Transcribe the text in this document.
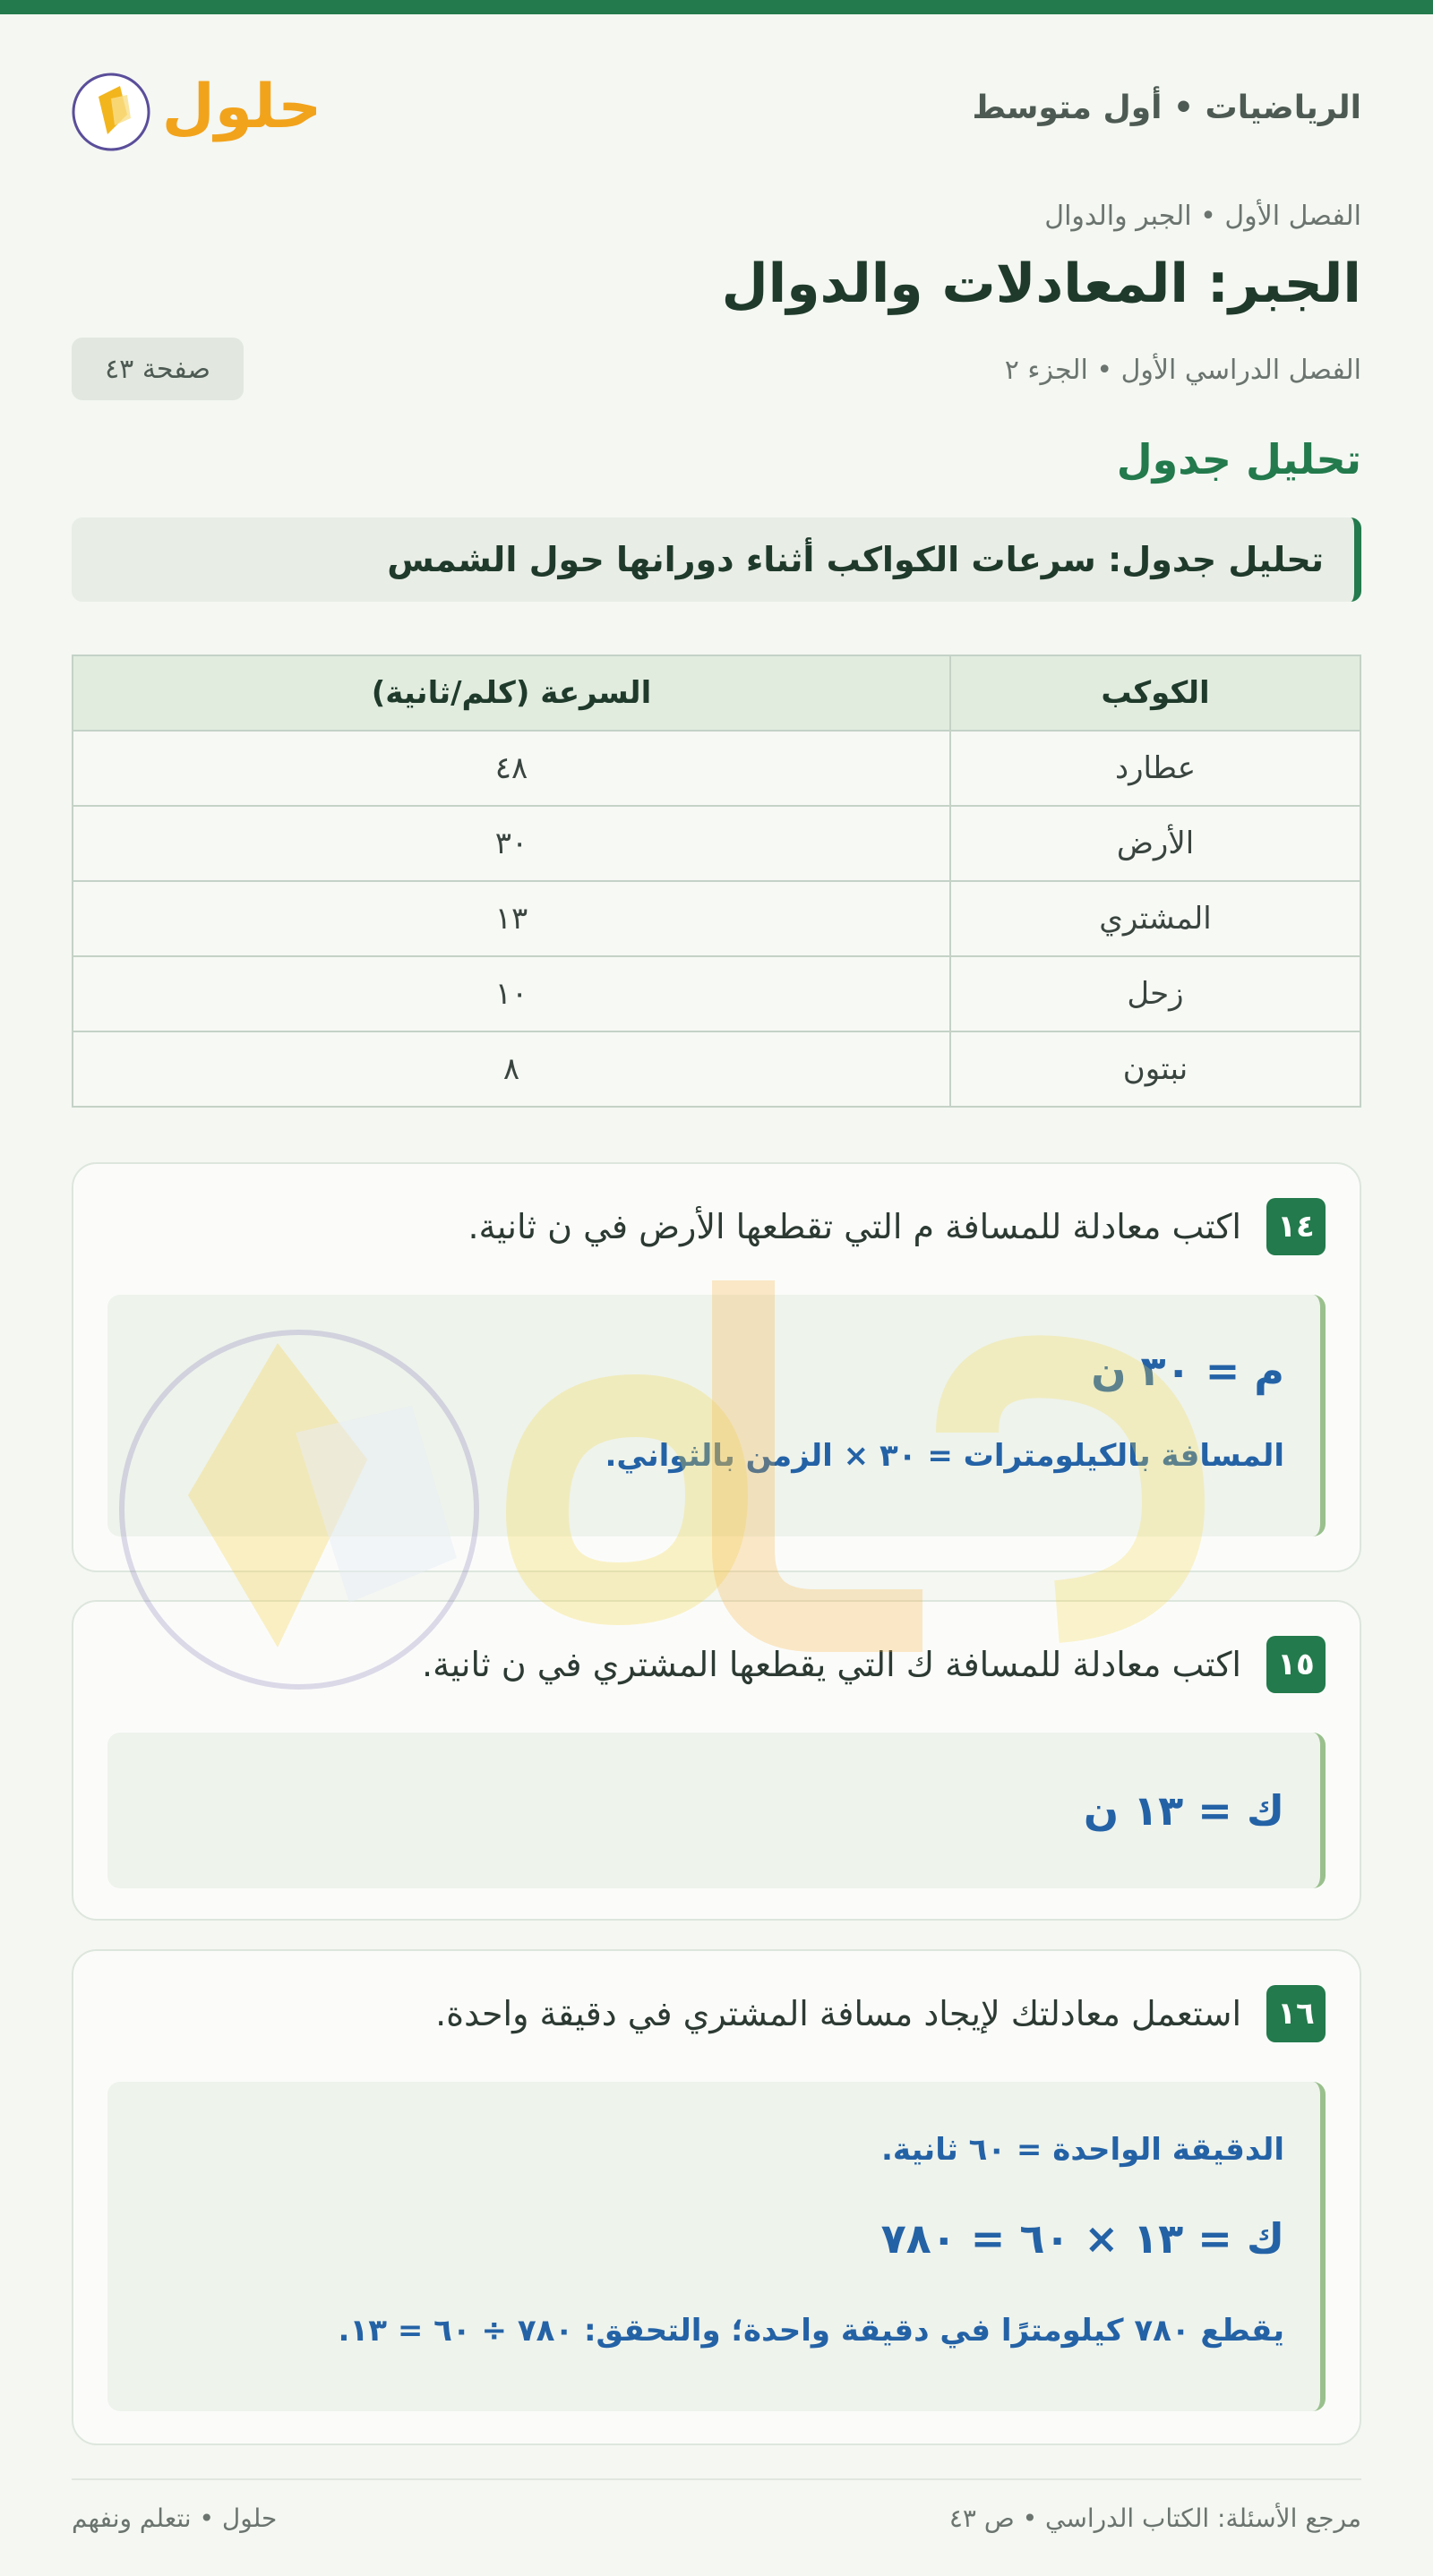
الرياضيات • أول متوسط
حلول
الفصل الأول • الجبر والدوال
الجبر: المعادلات والدوال
الفصل الدراسي الأول • الجزء ٢
صفحة ٤٣
تحليل جدول
تحليل جدول: سرعات الكواكب أثناء دورانها حول الشمس
الكوكب	السرعة (كلم/ثانية)
عطارد	٤٨
الأرض	٣٠
المشتري	١٣
زحل	١٠
نبتون	٨
١٤
اكتب معادلة للمسافة م التي تقطعها الأرض في ن ثانية.
م = ٣٠ ن
المسافة بالكيلومترات = ٣٠ × الزمن بالثواني.
١٥
اكتب معادلة للمسافة ك التي يقطعها المشتري في ن ثانية.
ك = ١٣ ن
١٦
استعمل معادلتك لإيجاد مسافة المشتري في دقيقة واحدة.
الدقيقة الواحدة = ٦٠ ثانية.
ك = ١٣ × ٦٠ = ٧٨٠
يقطع ٧٨٠ كيلومترًا في دقيقة واحدة؛ والتحقق: ٧٨٠ ÷ ٦٠ = ١٣.
مرجع الأسئلة: الكتاب الدراسي • ص ٤٣
حلول • نتعلم ونفهم
